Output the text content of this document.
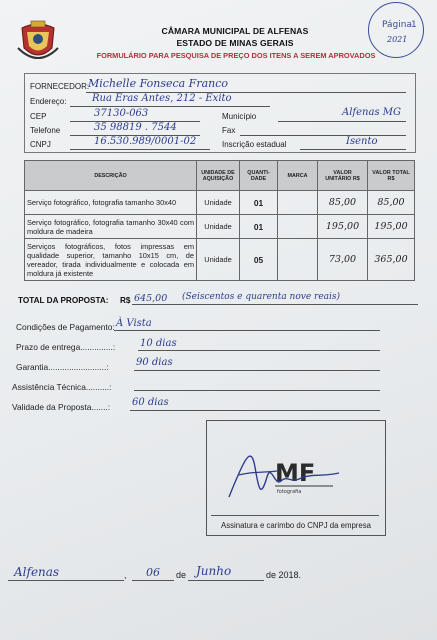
CÂMARA MUNICIPAL DE ALFENAS
ESTADO DE MINAS GERAIS
FORMULÁRIO PARA PESQUISA DE PREÇO DOS ITENS A SEREM APROVADOS
Página 1
2021
FORNECEDOR:
Michelle Fonseca Franco
Endereço:	Rua Eras Antes, 212 - Exito
CEP	37130-063	Município	Alfenas MG
Telefone	35 98819 . 7544	Fax
CNPJ	16.530.989/0001-02	Inscrição estadual	Isento
DESCRIÇÃO	UNIDADE DE AQUISIÇÃO	QUANTI-DADE	MARCA	VALOR UNITÁRIO R$	VALOR TOTAL R$
Serviço fotográfico, fotografia tamanho 30x40	Unidade	01		85,00	85,00
Serviço fotográfico, fotografia tamanho 30x40 com moldura de madeira	Unidade	01		195,00	195,00
Serviços fotográficos, fotos impressas em qualidade superior, tamanho 10x15 cm, de vereador, tirada individualmente e colocada em moldura já existente	Unidade	05		73,00	365,00
TOTAL DA PROPOSTA: R$ 645,00 (Seiscentos e quarenta nove reais)
Condições de Pagamento: À Vista
Prazo de entrega..............: 10 dias
Garantia.........................:	90 dias
Assistência Técnica..........:
Validade da Proposta.......: 60 dias
MF
fotografia
Assinatura e carimbo do CNPJ da empresa
Alfenas	, 06 de Junho	de 2018.
